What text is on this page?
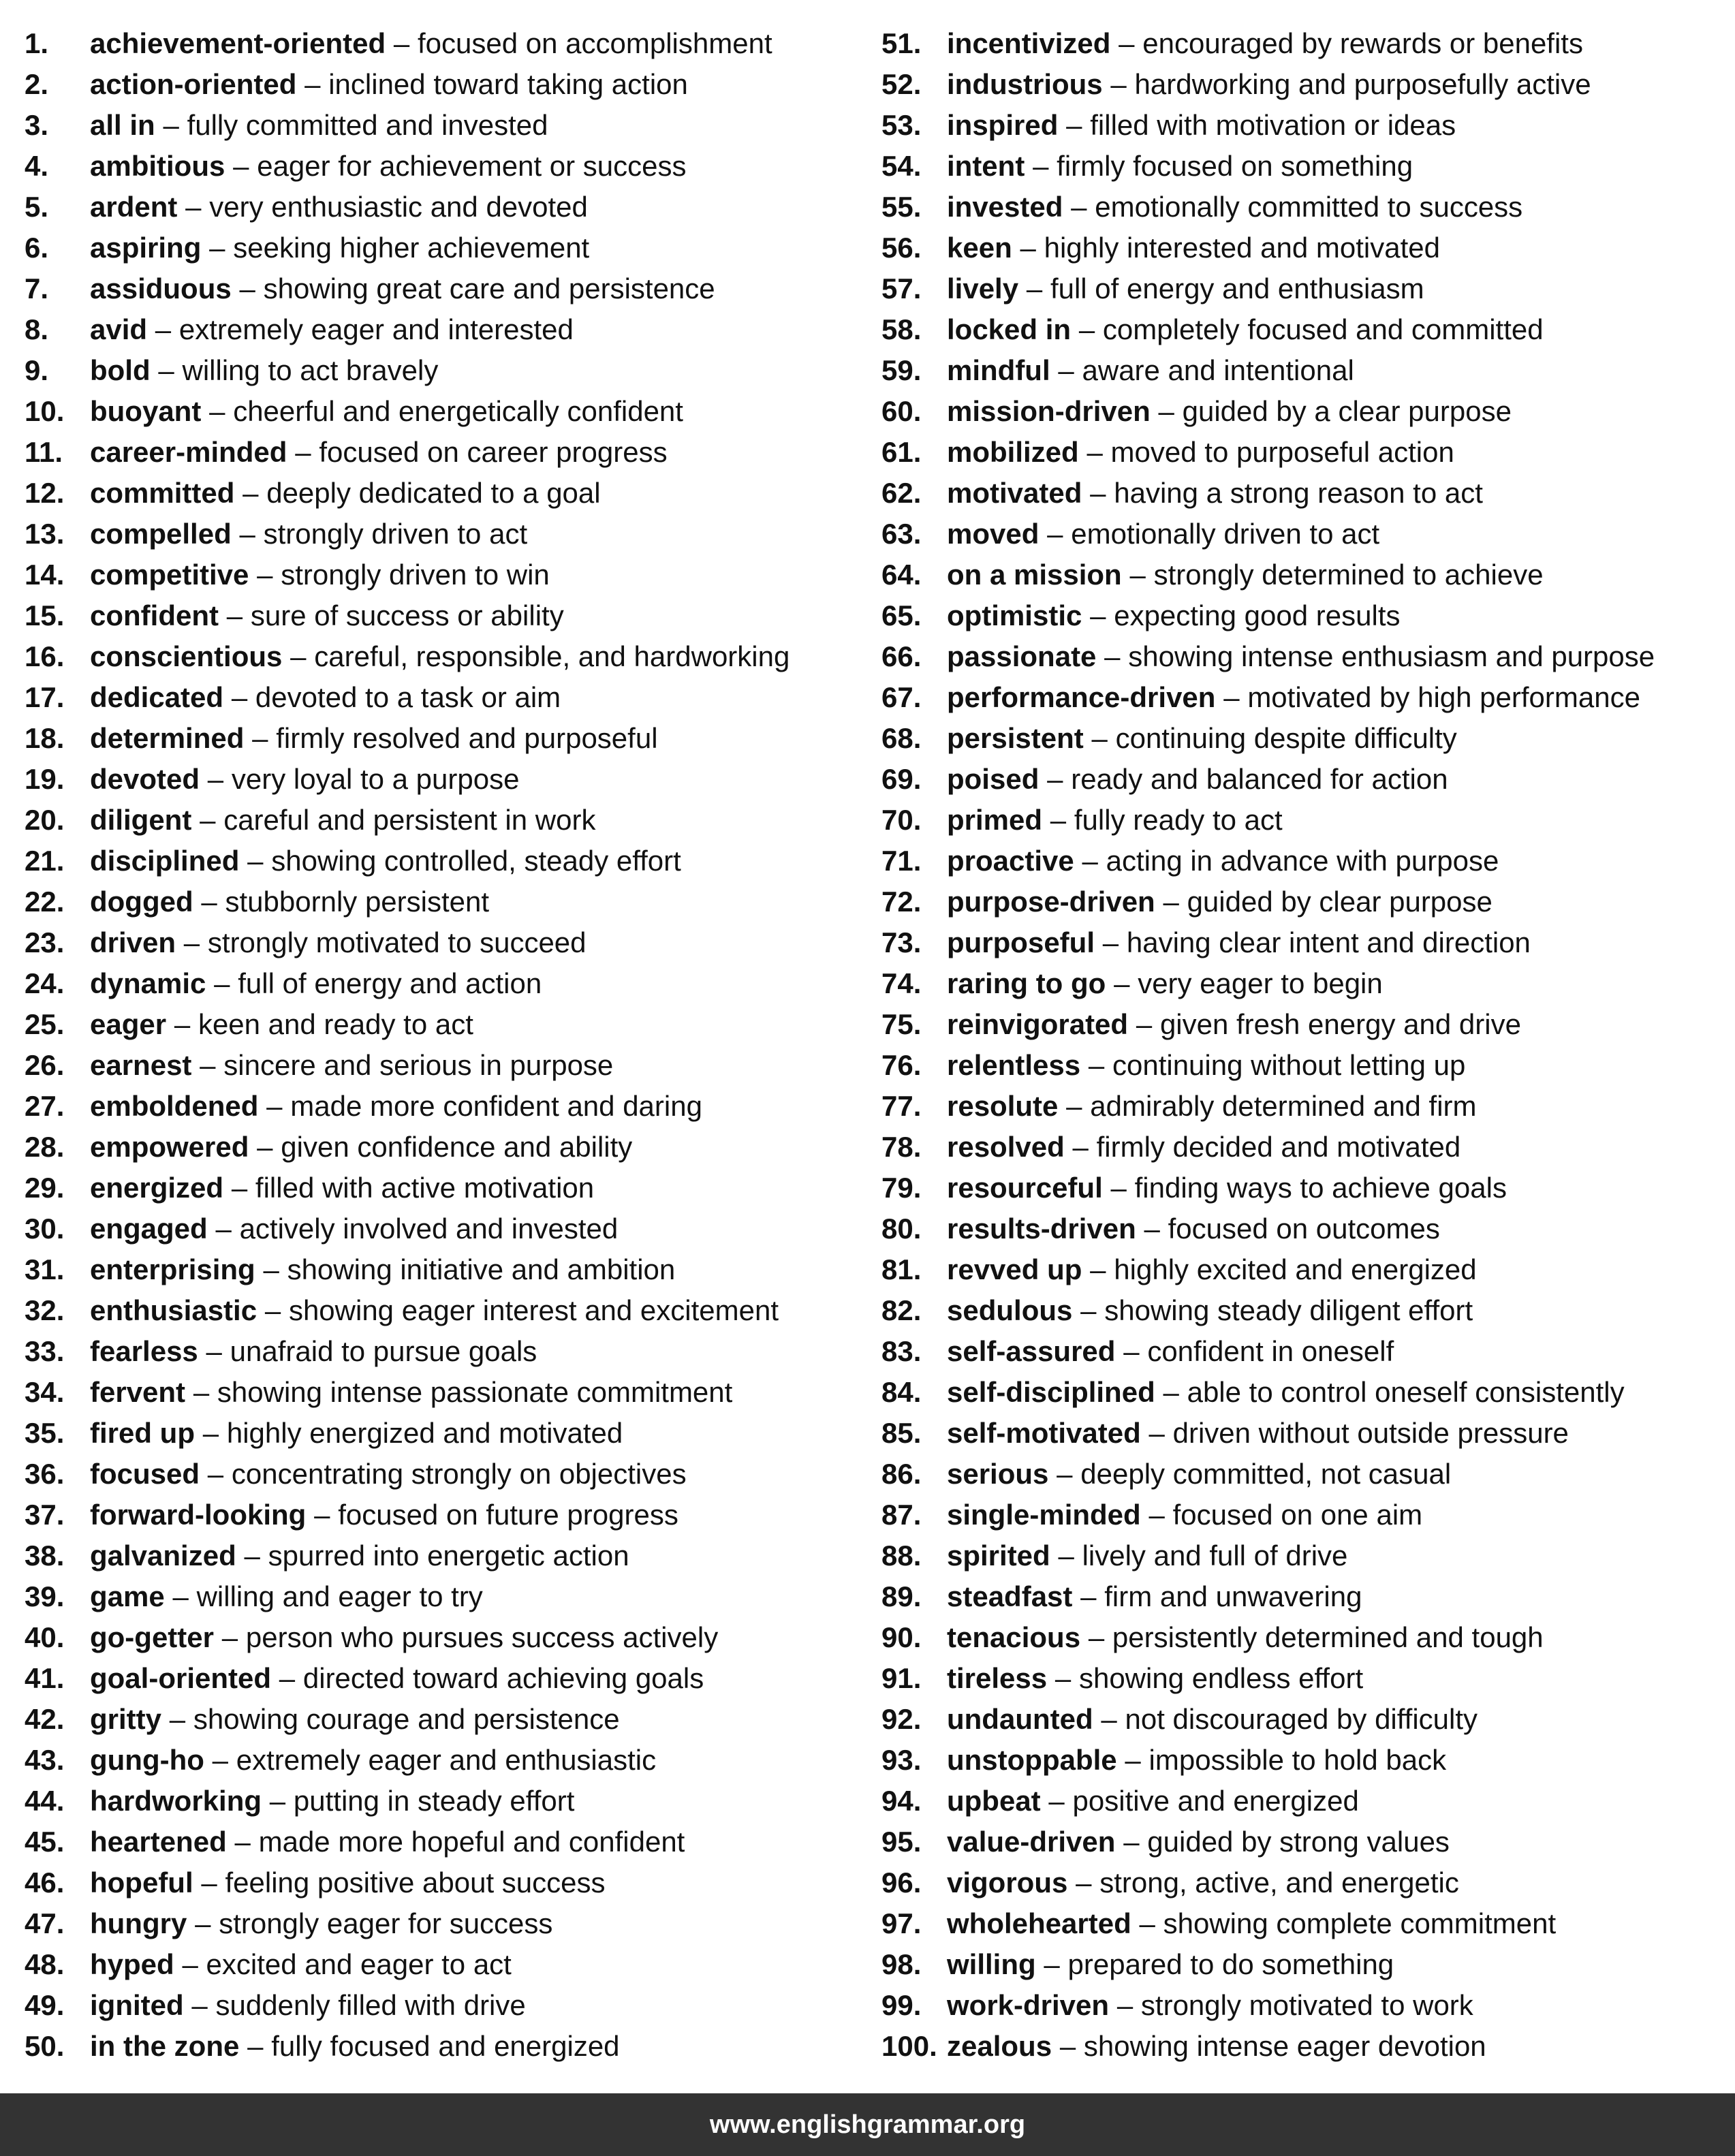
1.	achievement-oriented – focused on accomplishment
2.	action-oriented – inclined toward taking action
3.	all in – fully committed and invested
4.	ambitious – eager for achievement or success
5.	ardent – very enthusiastic and devoted
6.	aspiring – seeking higher achievement
7.	assiduous – showing great care and persistence
8.	avid – extremely eager and interested
9.	bold – willing to act bravely
10. buoyant – cheerful and energetically confident
11. career-minded – focused on career progress
12. committed – deeply dedicated to a goal
13. compelled – strongly driven to act
14. competitive – strongly driven to win
15. confident – sure of success or ability
16. conscientious – careful, responsible, and hardworking
17. dedicated – devoted to a task or aim
18. determined – firmly resolved and purposeful
19. devoted – very loyal to a purpose
20. diligent – careful and persistent in work
21. disciplined – showing controlled, steady effort
22. dogged – stubbornly persistent
23. driven – strongly motivated to succeed
24. dynamic – full of energy and action
25. eager – keen and ready to act
26. earnest – sincere and serious in purpose
27. emboldened – made more confident and daring
28. empowered – given confidence and ability
29. energized – filled with active motivation
30. engaged – actively involved and invested
31. enterprising – showing initiative and ambition
32. enthusiastic – showing eager interest and excitement
33. fearless – unafraid to pursue goals
34. fervent – showing intense passionate commitment
35. fired up – highly energized and motivated
36. focused – concentrating strongly on objectives
37. forward-looking – focused on future progress
38. galvanized – spurred into energetic action
39. game – willing and eager to try
40. go-getter – person who pursues success actively
41. goal-oriented – directed toward achieving goals
42. gritty – showing courage and persistence
43. gung-ho – extremely eager and enthusiastic
44. hardworking – putting in steady effort
45. heartened – made more hopeful and confident
46. hopeful – feeling positive about success
47. hungry – strongly eager for success
48. hyped – excited and eager to act
49. ignited – suddenly filled with drive
50. in the zone – fully focused and energized
51. incentivized – encouraged by rewards or benefits
52. industrious – hardworking and purposefully active
53. inspired – filled with motivation or ideas
54. intent – firmly focused on something
55. invested – emotionally committed to success
56. keen – highly interested and motivated
57. lively – full of energy and enthusiasm
58. locked in – completely focused and committed
59. mindful – aware and intentional
60. mission-driven – guided by a clear purpose
61. mobilized – moved to purposeful action
62. motivated – having a strong reason to act
63. moved – emotionally driven to act
64. on a mission – strongly determined to achieve
65. optimistic – expecting good results
66. passionate – showing intense enthusiasm and purpose
67. performance-driven – motivated by high performance
68. persistent – continuing despite difficulty
69. poised – ready and balanced for action
70. primed – fully ready to act
71. proactive – acting in advance with purpose
72. purpose-driven – guided by clear purpose
73. purposeful – having clear intent and direction
74. raring to go – very eager to begin
75. reinvigorated – given fresh energy and drive
76. relentless – continuing without letting up
77. resolute – admirably determined and firm
78. resolved – firmly decided and motivated
79. resourceful – finding ways to achieve goals
80. results-driven – focused on outcomes
81. revved up – highly excited and energized
82. sedulous – showing steady diligent effort
83. self-assured – confident in oneself
84. self-disciplined – able to control oneself consistently
85. self-motivated – driven without outside pressure
86. serious – deeply committed, not casual
87. single-minded – focused on one aim
88. spirited – lively and full of drive
89. steadfast – firm and unwavering
90. tenacious – persistently determined and tough
91. tireless – showing endless effort
92. undaunted – not discouraged by difficulty
93. unstoppable – impossible to hold back
94. upbeat – positive and energized
95. value-driven – guided by strong values
96. vigorous – strong, active, and energetic
97. wholehearted – showing complete commitment
98. willing – prepared to do something
99. work-driven – strongly motivated to work
100. zealous – showing intense eager devotion
www.englishgrammar.org
